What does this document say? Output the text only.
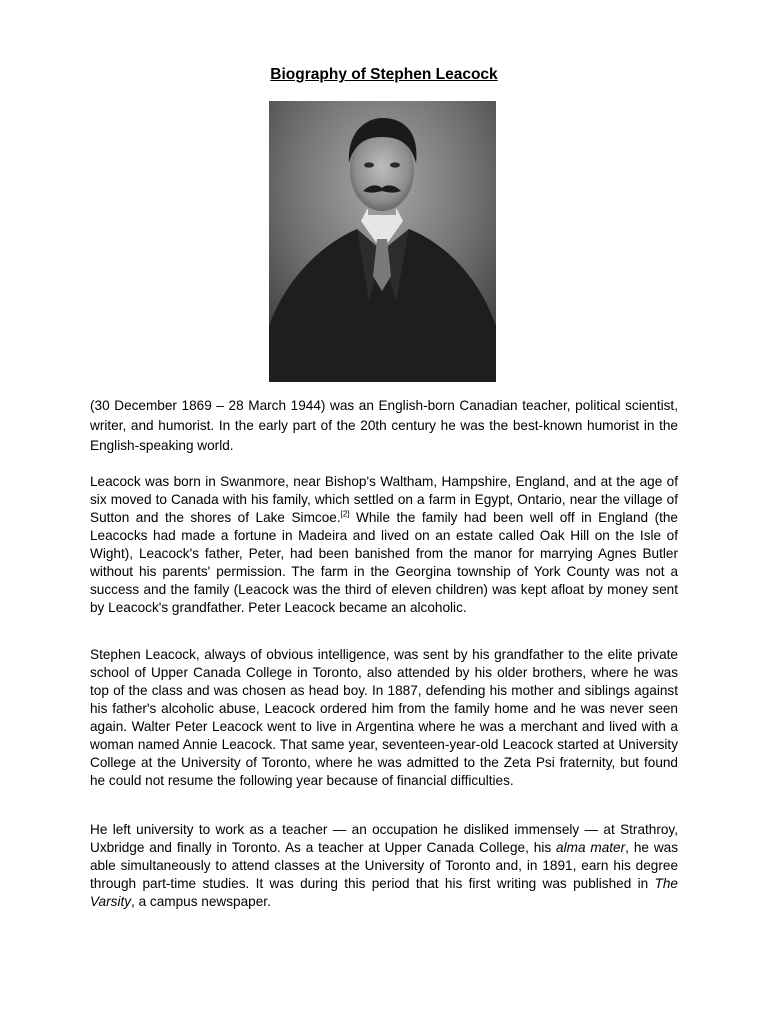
Biography of Stephen Leacock
(30 December 1869 – 28 March 1944) was an English-born Canadian teacher, political scientist, writer, and humorist. In the early part of the 20th century he was the best-known humorist in the English-speaking world.
Leacock was born in Swanmore, near Bishop's Waltham, Hampshire, England, and at the age of six moved to Canada with his family, which settled on a farm in Egypt, Ontario, near the village of Sutton and the shores of Lake Simcoe.[2] While the family had been well off in England (the Leacocks had made a fortune in Madeira and lived on an estate called Oak Hill on the Isle of Wight), Leacock's father, Peter, had been banished from the manor for marrying Agnes Butler without his parents' permission. The farm in the Georgina township of York County was not a success and the family (Leacock was the third of eleven children) was kept afloat by money sent by Leacock's grandfather. Peter Leacock became an alcoholic.
Stephen Leacock, always of obvious intelligence, was sent by his grandfather to the elite private school of Upper Canada College in Toronto, also attended by his older brothers, where he was top of the class and was chosen as head boy. In 1887, defending his mother and siblings against his father's alcoholic abuse, Leacock ordered him from the family home and he was never seen again. Walter Peter Leacock went to live in Argentina where he was a merchant and lived with a woman named Annie Leacock. That same year, seventeen-year-old Leacock started at University College at the University of Toronto, where he was admitted to the Zeta Psi fraternity, but found he could not resume the following year because of financial difficulties.
He left university to work as a teacher — an occupation he disliked immensely — at Strathroy, Uxbridge and finally in Toronto. As a teacher at Upper Canada College, his alma mater, he was able simultaneously to attend classes at the University of Toronto and, in 1891, earn his degree through part-time studies. It was during this period that his first writing was published in The Varsity, a campus newspaper.
